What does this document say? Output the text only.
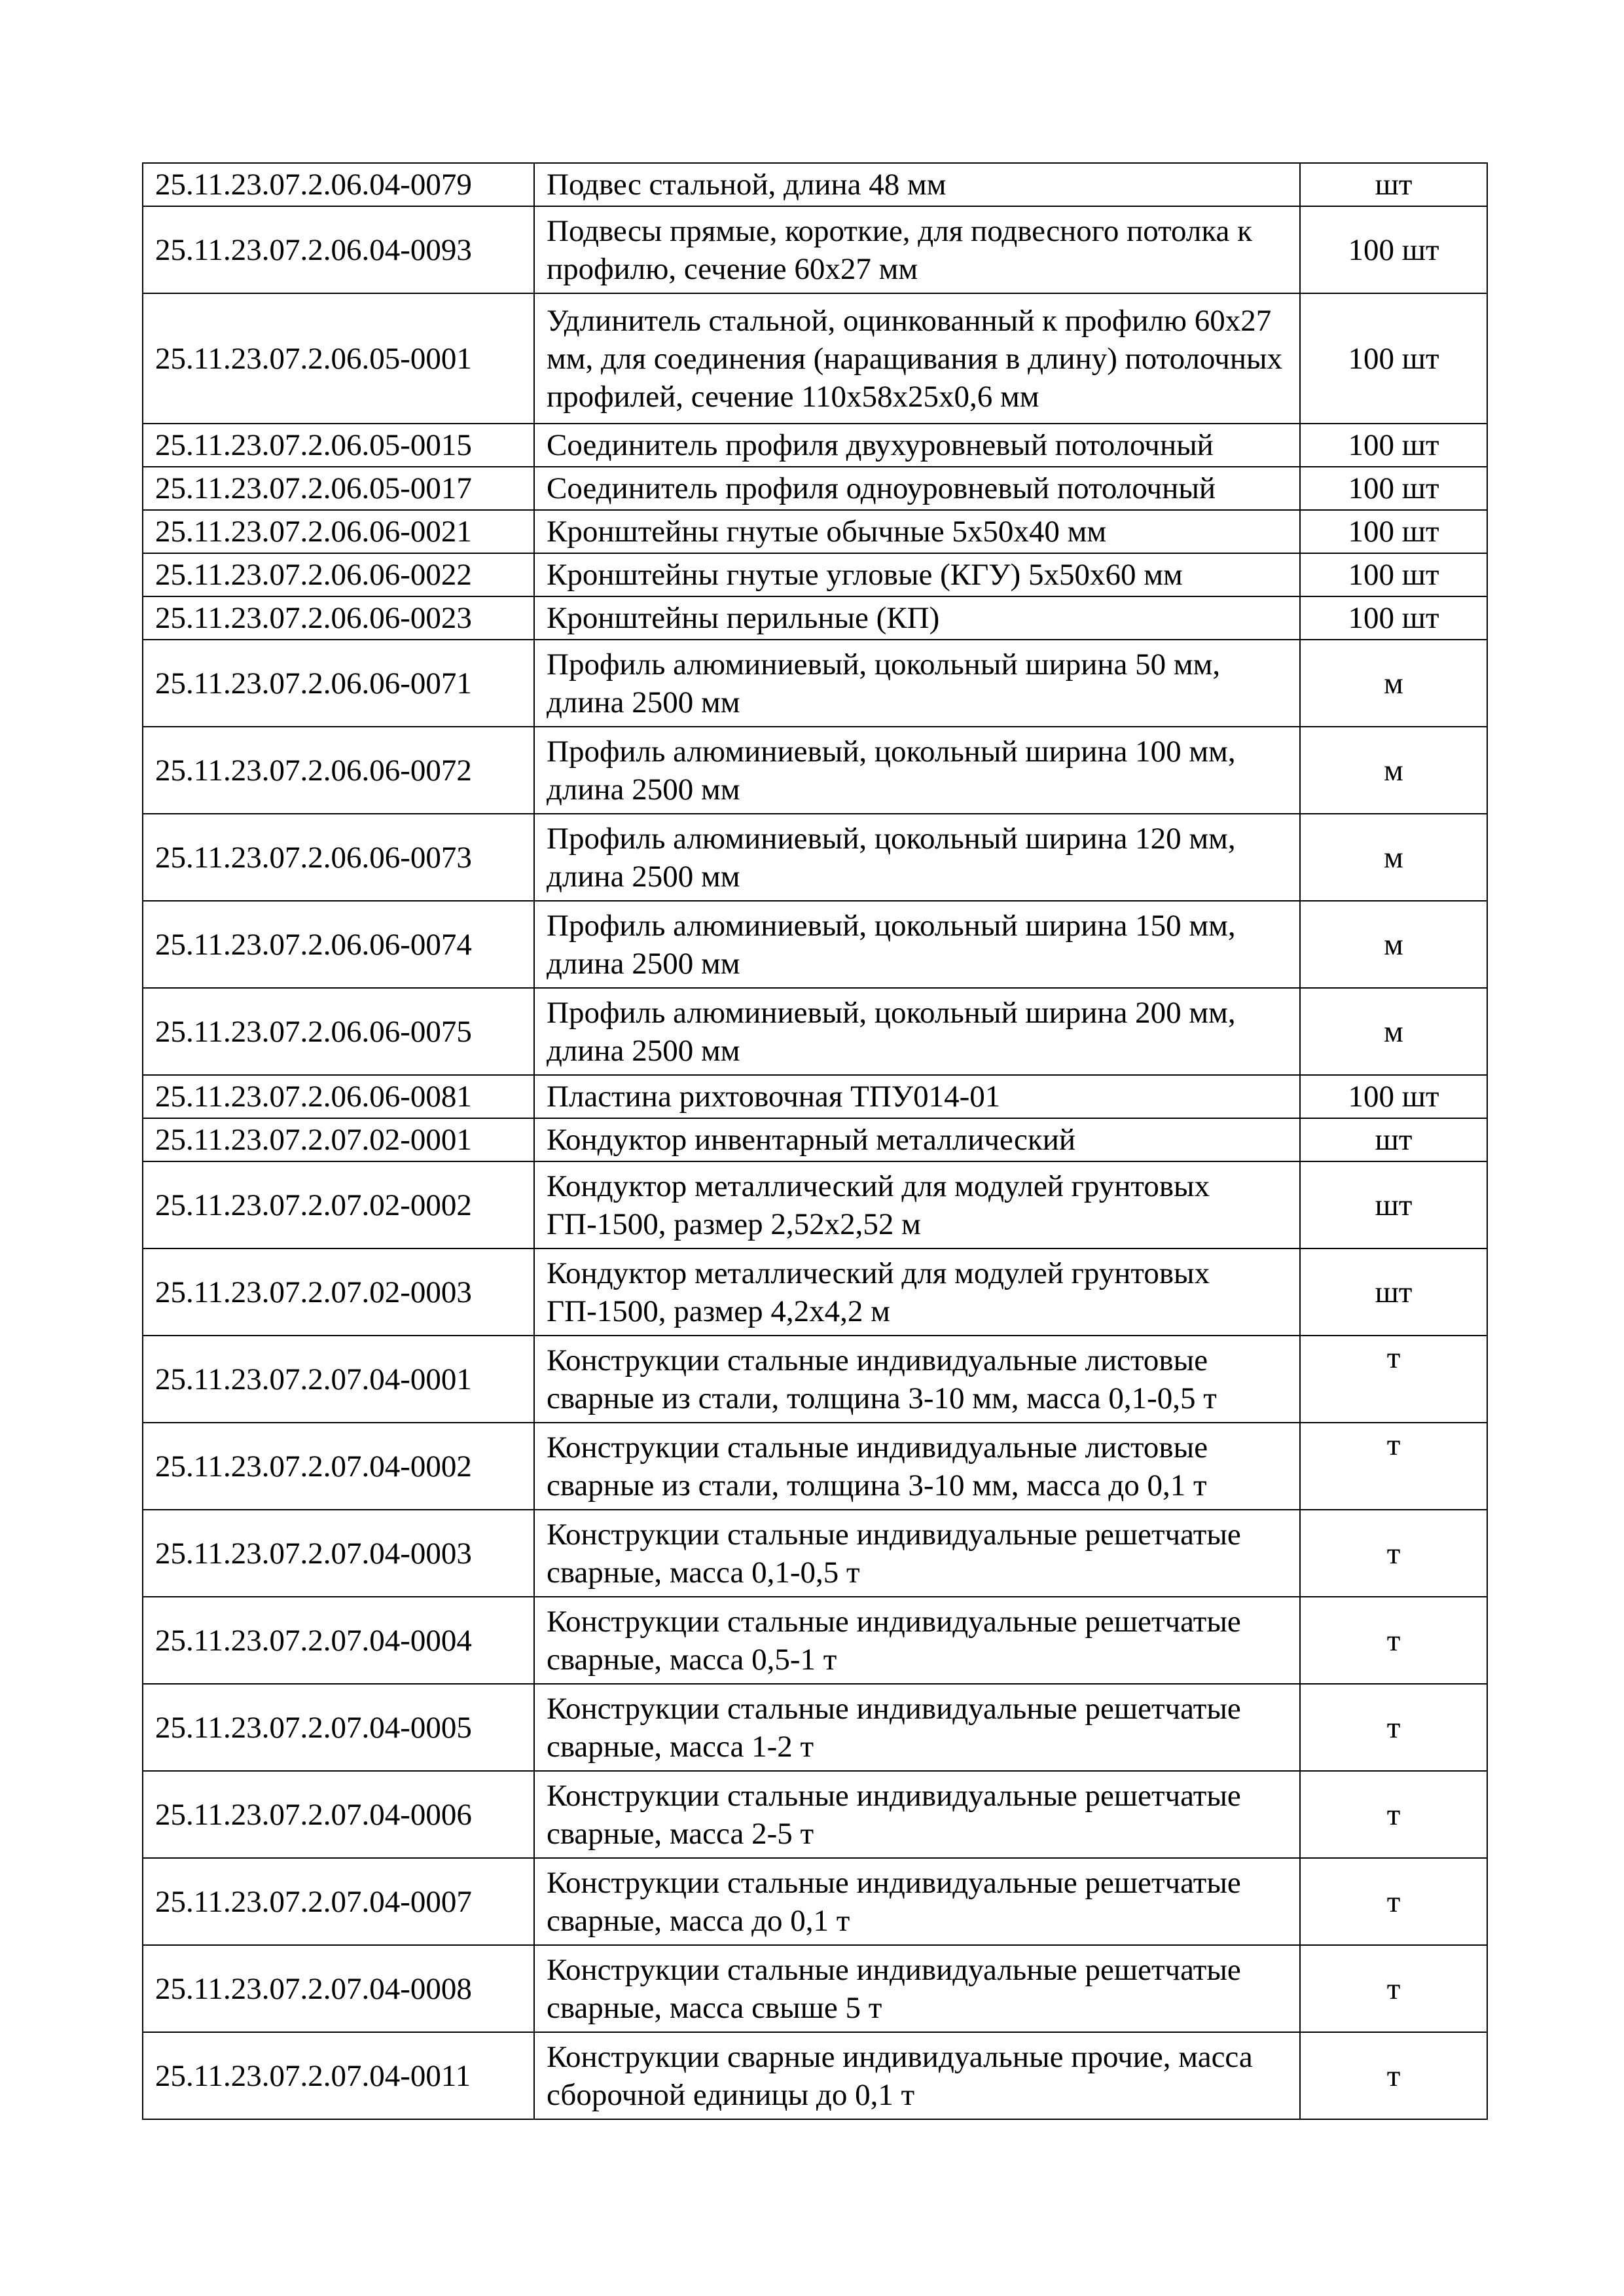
25.11.23.07.2.06.04-0079	Подвес стальной, длина 48 мм	шт
25.11.23.07.2.06.04-0093	Подвесы прямые, короткие, для подвесного потолка к профилю, сечение 60х27 мм	100 шт
25.11.23.07.2.06.05-0001	Удлинитель стальной, оцинкованный к профилю 60х27 мм, для соединения (наращивания в длину) потолочных профилей, сечение 110х58х25х0,6 мм	100 шт
25.11.23.07.2.06.05-0015	Соединитель профиля двухуровневый потолочный	100 шт
25.11.23.07.2.06.05-0017	Соединитель профиля одноуровневый потолочный	100 шт
25.11.23.07.2.06.06-0021	Кронштейны гнутые обычные 5х50х40 мм	100 шт
25.11.23.07.2.06.06-0022	Кронштейны гнутые угловые (КГУ) 5х50х60 мм	100 шт
25.11.23.07.2.06.06-0023	Кронштейны перильные (КП)	100 шт
25.11.23.07.2.06.06-0071	Профиль алюминиевый, цокольный ширина 50 мм, длина 2500 мм	м
25.11.23.07.2.06.06-0072	Профиль алюминиевый, цокольный ширина 100 мм, длина 2500 мм	м
25.11.23.07.2.06.06-0073	Профиль алюминиевый, цокольный ширина 120 мм, длина 2500 мм	м
25.11.23.07.2.06.06-0074	Профиль алюминиевый, цокольный ширина 150 мм, длина 2500 мм	м
25.11.23.07.2.06.06-0075	Профиль алюминиевый, цокольный ширина 200 мм, длина 2500 мм	м
25.11.23.07.2.06.06-0081	Пластина рихтовочная ТПУ014-01	100 шт
25.11.23.07.2.07.02-0001	Кондуктор инвентарный металлический	шт
25.11.23.07.2.07.02-0002	Кондуктор металлический для модулей грунтовых ГП-1500, размер 2,52х2,52 м	шт
25.11.23.07.2.07.02-0003	Кондуктор металлический для модулей грунтовых ГП-1500, размер 4,2х4,2 м	шт
25.11.23.07.2.07.04-0001	Конструкции стальные индивидуальные листовые сварные из стали, толщина 3-10 мм, масса 0,1-0,5 т	т
25.11.23.07.2.07.04-0002	Конструкции стальные индивидуальные листовые сварные из стали, толщина 3-10 мм, масса до 0,1 т	т
25.11.23.07.2.07.04-0003	Конструкции стальные индивидуальные решетчатые сварные, масса 0,1-0,5 т	т
25.11.23.07.2.07.04-0004	Конструкции стальные индивидуальные решетчатые сварные, масса 0,5-1 т	т
25.11.23.07.2.07.04-0005	Конструкции стальные индивидуальные решетчатые сварные, масса 1-2 т	т
25.11.23.07.2.07.04-0006	Конструкции стальные индивидуальные решетчатые сварные, масса 2-5 т	т
25.11.23.07.2.07.04-0007	Конструкции стальные индивидуальные решетчатые сварные, масса до 0,1 т	т
25.11.23.07.2.07.04-0008	Конструкции стальные индивидуальные решетчатые сварные, масса свыше 5 т	т
25.11.23.07.2.07.04-0011	Конструкции сварные индивидуальные прочие, масса сборочной единицы до 0,1 т	т
